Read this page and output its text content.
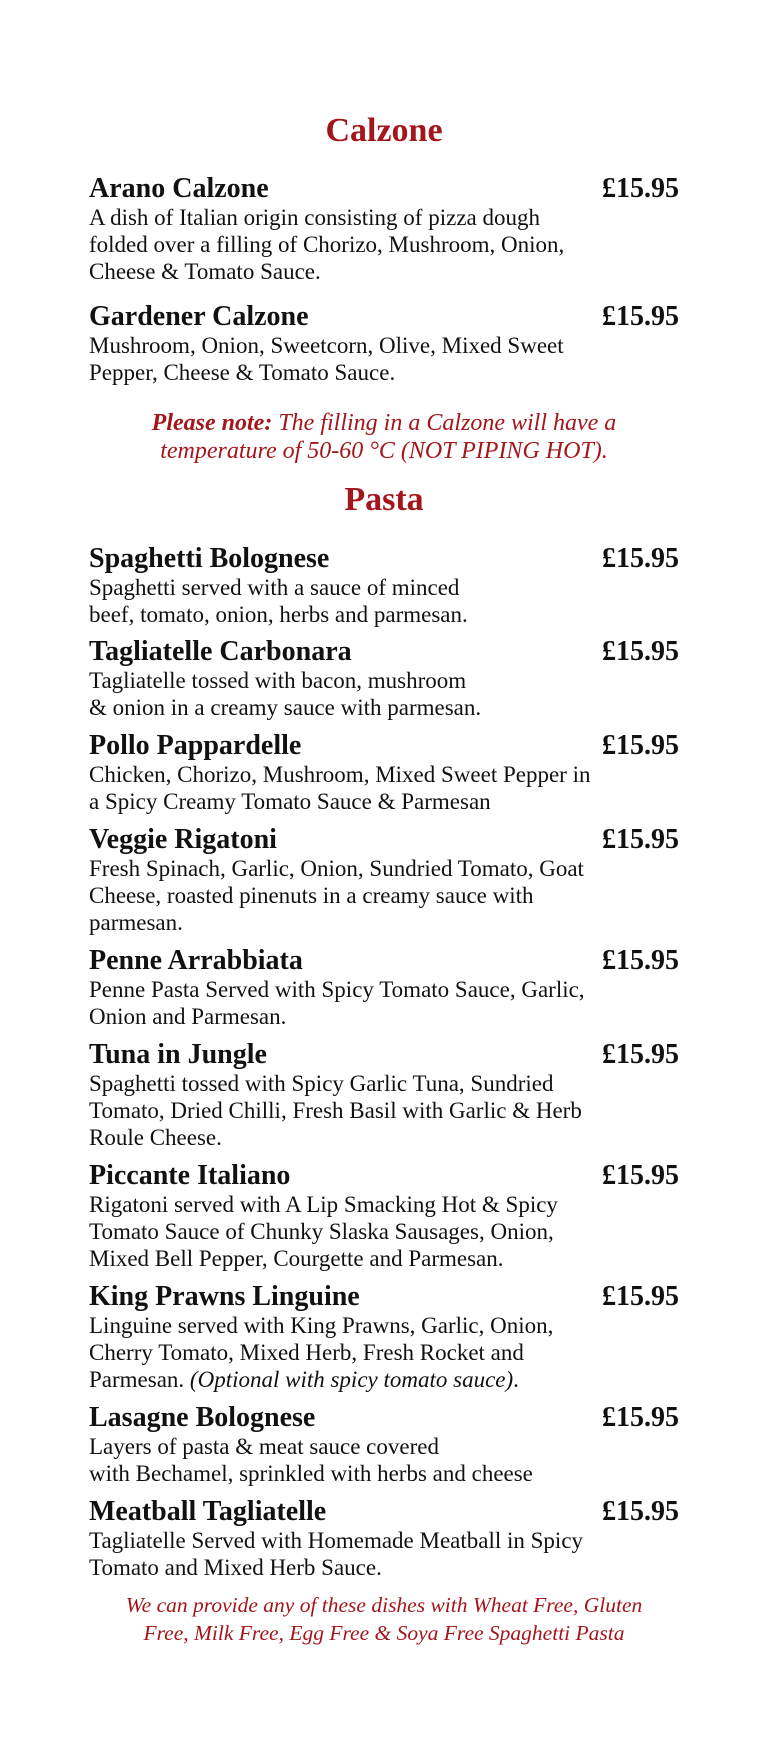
Calzone
Arano Calzone	£15.95
A dish of Italian origin consisting of pizza dough
folded over a filling of Chorizo, Mushroom, Onion,
Cheese & Tomato Sauce.
Gardener Calzone	£15.95
Mushroom, Onion, Sweetcorn, Olive, Mixed Sweet
Pepper, Cheese & Tomato Sauce.
Please note: The filling in a Calzone will have a
temperature of 50-60 °C (NOT PIPING HOT).
Pasta
Spaghetti Bolognese	£15.95
Spaghetti served with a sauce of minced
beef, tomato, onion, herbs and parmesan.
Tagliatelle Carbonara	£15.95
Tagliatelle tossed with bacon, mushroom
& onion in a creamy sauce with parmesan.
Pollo Pappardelle	£15.95
Chicken, Chorizo, Mushroom, Mixed Sweet Pepper in
a Spicy Creamy Tomato Sauce & Parmesan
Veggie Rigatoni	£15.95
Fresh Spinach, Garlic, Onion, Sundried Tomato, Goat
Cheese, roasted pinenuts in a creamy sauce with
parmesan.
Penne Arrabbiata	£15.95
Penne Pasta Served with Spicy Tomato Sauce, Garlic,
Onion and Parmesan.
Tuna in Jungle	£15.95
Spaghetti tossed with Spicy Garlic Tuna, Sundried
Tomato, Dried Chilli, Fresh Basil with Garlic & Herb
Roule Cheese.
Piccante Italiano	£15.95
Rigatoni served with A Lip Smacking Hot & Spicy
Tomato Sauce of Chunky Slaska Sausages, Onion,
Mixed Bell Pepper, Courgette and Parmesan.
King Prawns Linguine	£15.95
Linguine served with King Prawns, Garlic, Onion,
Cherry Tomato, Mixed Herb, Fresh Rocket and
Parmesan. (Optional with spicy tomato sauce).
Lasagne Bolognese	£15.95
Layers of pasta & meat sauce covered
with Bechamel, sprinkled with herbs and cheese
Meatball Tagliatelle	£15.95
Tagliatelle Served with Homemade Meatball in Spicy
Tomato and Mixed Herb Sauce.
We can provide any of these dishes with Wheat Free, Gluten
Free, Milk Free, Egg Free & Soya Free Spaghetti Pasta
